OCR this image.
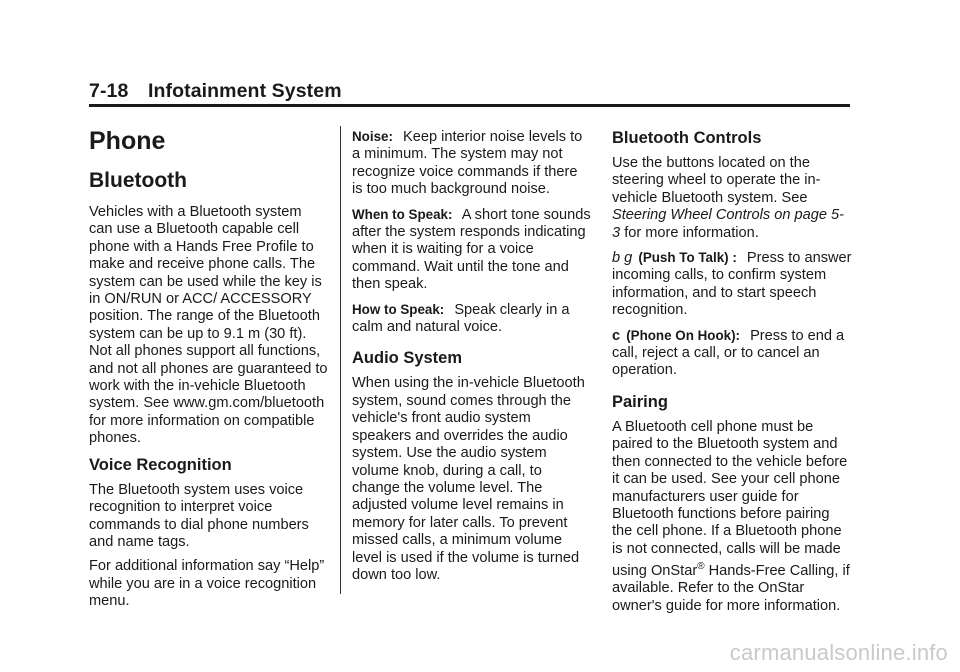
7-18 Infotainment System
Phone
Bluetooth

Vehicles with a Bluetooth system can use a Bluetooth capable cell phone with a Hands Free Profile to make and receive phone calls. The system can be used while the key is in ON/RUN or ACC/ ACCESSORY position. The range of the Bluetooth system can be up to 9.1 m (30 ft). Not all phones support all functions, and not all phones are guaranteed to work with the in-vehicle Bluetooth system. See www.gm.com/bluetooth for more information on compatible phones.

Voice Recognition

The Bluetooth system uses voice recognition to interpret voice commands to dial phone numbers and name tags.

For additional information say “Help” while you are in a voice recognition menu.

Noise: Keep interior noise levels to a minimum. The system may not recognize voice commands if there is too much background noise.

When to Speak: A short tone sounds after the system responds indicating when it is waiting for a voice command. Wait until the tone and then speak.

How to Speak: Speak clearly in a calm and natural voice.

Audio System

When using the in-vehicle Bluetooth system, sound comes through the vehicle's front audio system speakers and overrides the audio system. Use the audio system volume knob, during a call, to change the volume level. The adjusted volume level remains in memory for later calls. To prevent missed calls, a minimum volume level is used if the volume is turned down too low.

Bluetooth Controls

Use the buttons located on the steering wheel to operate the in-vehicle Bluetooth system. See Steering Wheel Controls on page 5-3 for more information.

b g (Push To Talk) : Press to answer incoming calls, to confirm system information, and to start speech recognition.

c (Phone On Hook): Press to end a call, reject a call, or to cancel an operation.

Pairing

A Bluetooth cell phone must be paired to the Bluetooth system and then connected to the vehicle before it can be used. See your cell phone manufacturers user guide for Bluetooth functions before pairing the cell phone. If a Bluetooth phone is not connected, calls will be made using OnStar® Hands-Free Calling, if available. Refer to the OnStar owner's guide for more information.

carmanualsonline.info
